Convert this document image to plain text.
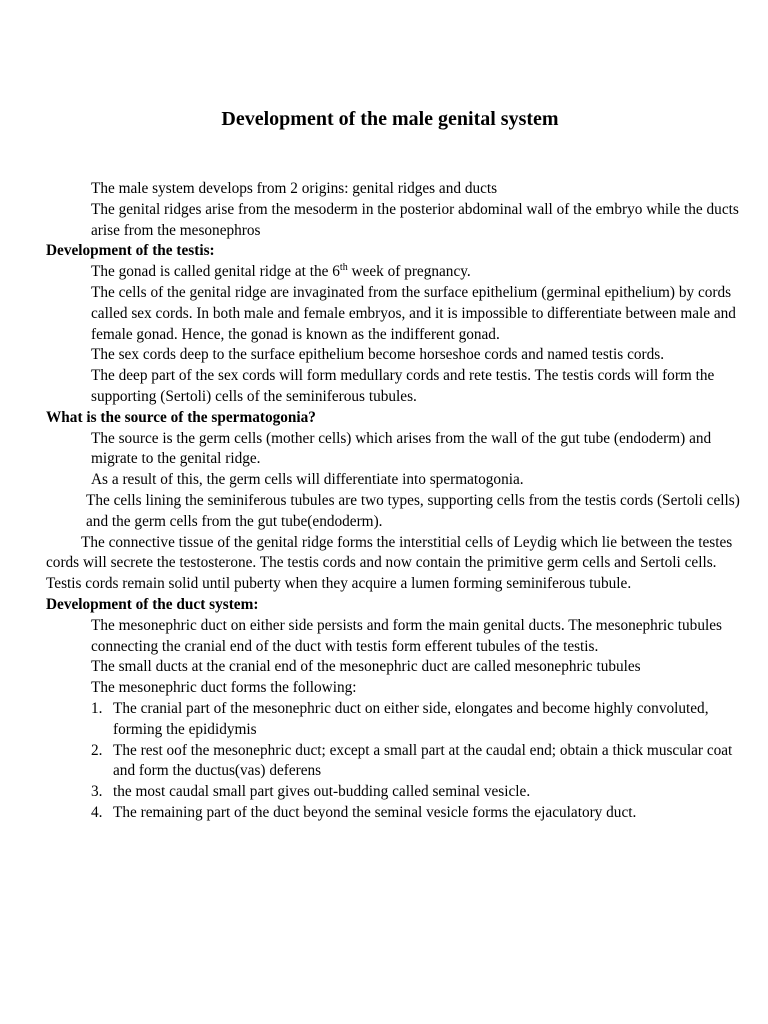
Development of the male genital system

The male system develops from 2 origins: genital ridges and ducts

The genital ridges arise from the mesoderm in the posterior abdominal wall of the embryo while the ducts arise from the mesonephros

Development of the testis:

The gonad is called genital ridge at the 6th week of pregnancy.

The cells of the genital ridge are invaginated from the surface epithelium (germinal epithelium) by cords called sex cords. In both male and female embryos, and it is impossible to differentiate between male and female gonad. Hence, the gonad is known as the indifferent gonad.

The sex cords deep to the surface epithelium become horseshoe cords and named testis cords.

The deep part of the sex cords will form medullary cords and rete testis. The testis cords will form the supporting (Sertoli) cells of the seminiferous tubules.

What is the source of the spermatogonia?

The source is the germ cells (mother cells) which arises from the wall of the gut tube (endoderm) and migrate to the genital ridge.

As a result of this, the germ cells will differentiate into spermatogonia.

The cells lining the seminiferous tubules are two types, supporting cells from the testis cords (Sertoli cells) and the germ cells from the gut tube(endoderm).

The connective tissue of the genital ridge forms the interstitial cells of Leydig which lie between the testes cords will secrete the testosterone. The testis cords and now contain the primitive germ cells and Sertoli cells. Testis cords remain solid until puberty when they acquire a lumen forming seminiferous tubule.

Development of the duct system:

The mesonephric duct on either side persists and form the main genital ducts. The mesonephric tubules connecting the cranial end of the duct with testis form efferent tubules of the testis.

The small ducts at the cranial end of the mesonephric duct are called mesonephric tubules

The mesonephric duct forms the following:

1. The cranial part of the mesonephric duct on either side, elongates and become highly convoluted, forming the epididymis
2. The rest oof the mesonephric duct; except a small part at the caudal end; obtain a thick muscular coat and form the ductus(vas) deferens
3. the most caudal small part gives out-budding called seminal vesicle.
4. The remaining part of the duct beyond the seminal vesicle forms the ejaculatory duct.
